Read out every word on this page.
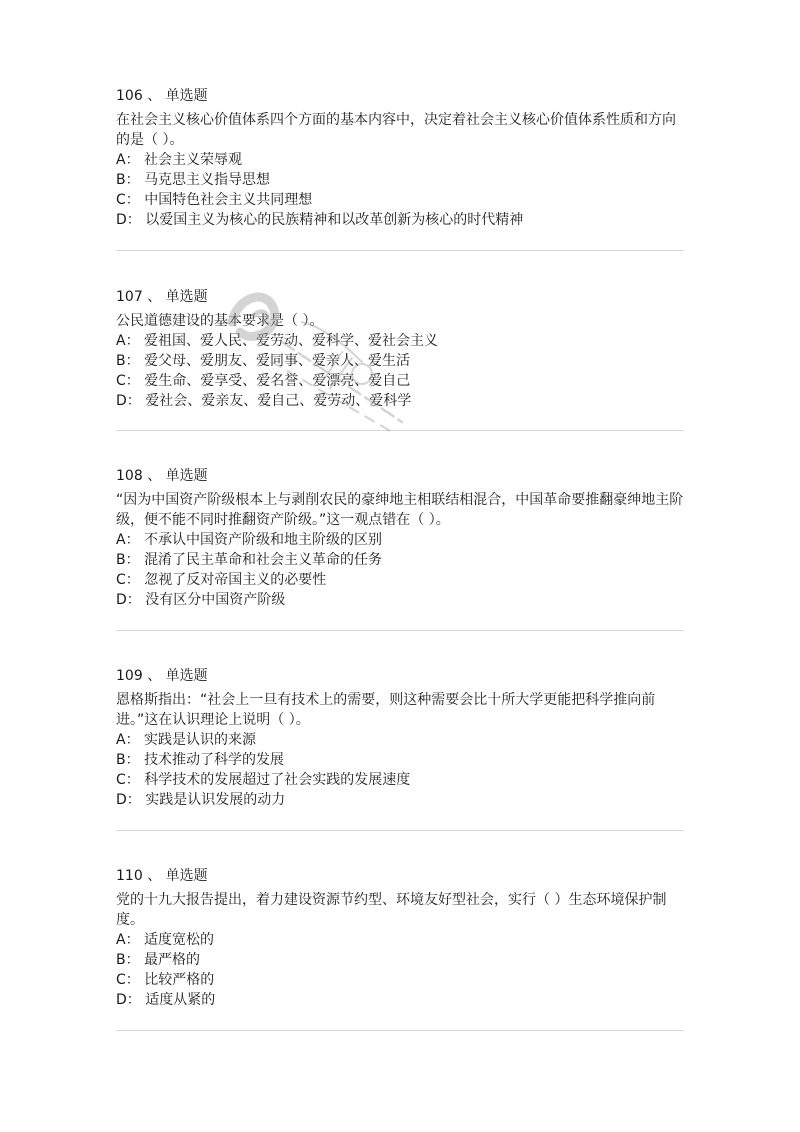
106 、 单选题

在社会主义核心价值体系四个方面的基本内容中，决定着社会主义核心价值体系性质和方向的是（ ）。

A： 社会主义荣辱观
B： 马克思主义指导思想
C： 中国特色社会主义共同理想
D： 以爱国主义为核心的民族精神和以改革创新为核心的时代精神
107 、 单选题

公民道德建设的基本要求是（ ）。

A： 爱祖国、爱人民、爱劳动、爱科学、爱社会主义
B： 爱父母、爱朋友、爱同事、爱亲人、爱生活
C： 爱生命、爱享受、爱名誉、爱漂亮、爱自己
D： 爱社会、爱亲友、爱自己、爱劳动、爱科学
108 、 单选题

“因为中国资产阶级根本上与剥削农民的豪绅地主相联结相混合，中国革命要推翻豪绅地主阶级，便不能不同时推翻资产阶级。”这一观点错在（ ）。

A： 不承认中国资产阶级和地主阶级的区别
B： 混淆了民主革命和社会主义革命的任务
C： 忽视了反对帝国主义的必要性
D： 没有区分中国资产阶级
109 、 单选题

恩格斯指出：“社会上一旦有技术上的需要，则这种需要会比十所大学更能把科学推向前进。”这在认识理论上说明（ ）。

A： 实践是认识的来源
B： 技术推动了科学的发展
C： 科学技术的发展超过了社会实践的发展速度
D： 实践是认识发展的动力
110 、 单选题

党的十九大报告提出，着力建设资源节约型、环境友好型社会，实行（ ）生态环境保护制度。

A： 适度宽松的
B： 最严格的
C： 比较严格的
D： 适度从紧的
